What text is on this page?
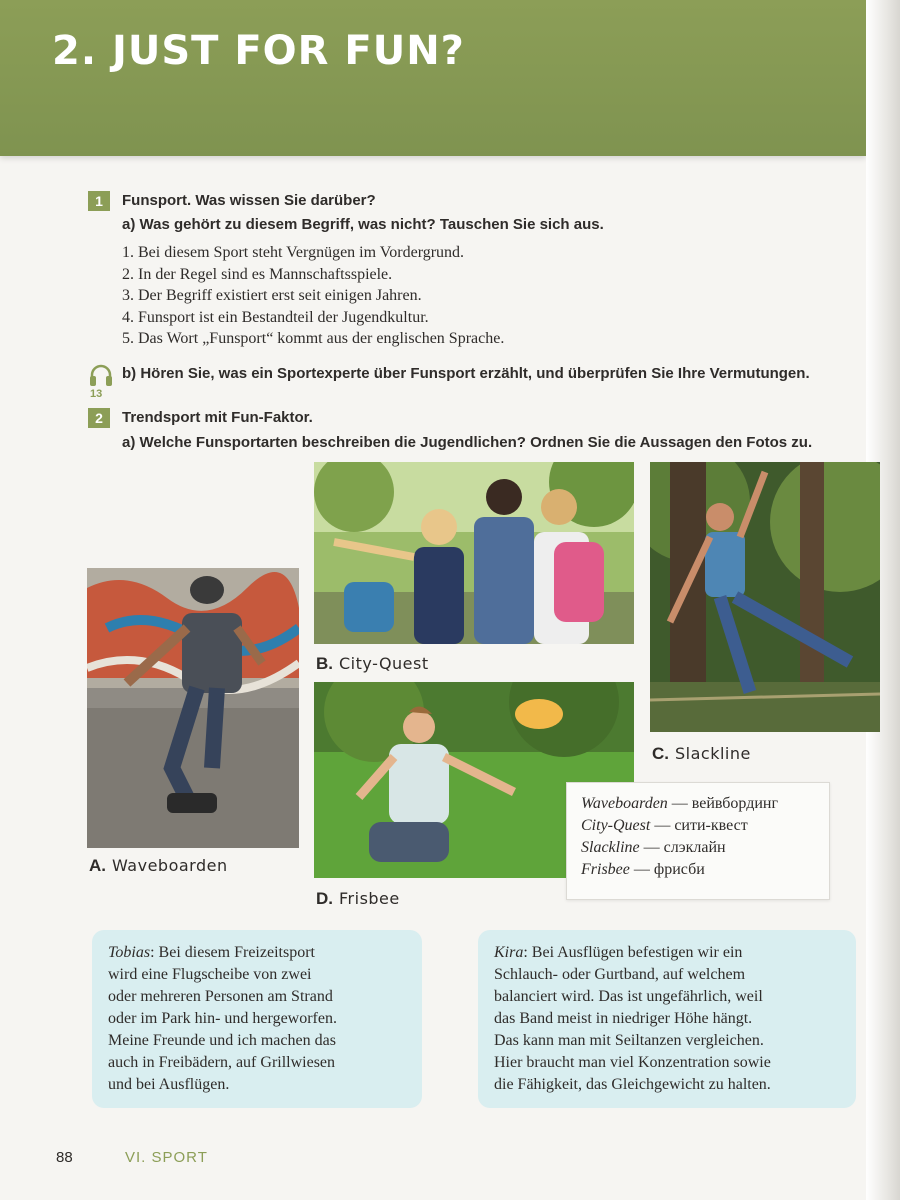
2. JUST FOR FUN?
1	Funsport. Was wissen Sie darüber?
a) Was gehört zu diesem Begriff, was nicht? Tauschen Sie sich aus.
1. Bei diesem Sport steht Vergnügen im Vordergrund.
2. In der Regel sind es Mannschaftsspiele.
3. Der Begriff existiert erst seit einigen Jahren.
4. Funsport ist ein Bestandteil der Jugendkultur.
5. Das Wort „Funsport“ kommt aus der englischen Sprache.
13
b) Hören Sie, was ein Sportexperte über Funsport erzählt, und überprüfen Sie Ihre Vermutungen.
2	Trendsport mit Fun-Faktor.
a) Welche Funsportarten beschreiben die Jugendlichen? Ordnen Sie die Aussagen den Fotos zu.
A. Waveboarden
B. City-Quest
C. Slackline
D. Frisbee
Waveboarden — вейвбординг
City-Quest — сити-квест
Slackline — слэклайн
Frisbee — фрисби
Tobias: Bei diesem Freizeitsport
wird eine Flugscheibe von zwei
oder mehreren Personen am Strand
oder im Park hin- und hergeworfen.
Meine Freunde und ich machen das
auch in Freibädern, auf Grillwiesen
und bei Ausflügen.
Kira: Bei Ausflügen befestigen wir ein
Schlauch- oder Gurtband, auf welchem
balanciert wird. Das ist ungefährlich, weil
das Band meist in niedriger Höhe hängt.
Das kann man mit Seiltanzen vergleichen.
Hier braucht man viel Konzentration sowie
die Fähigkeit, das Gleichgewicht zu halten.
88	VI. SPORT
